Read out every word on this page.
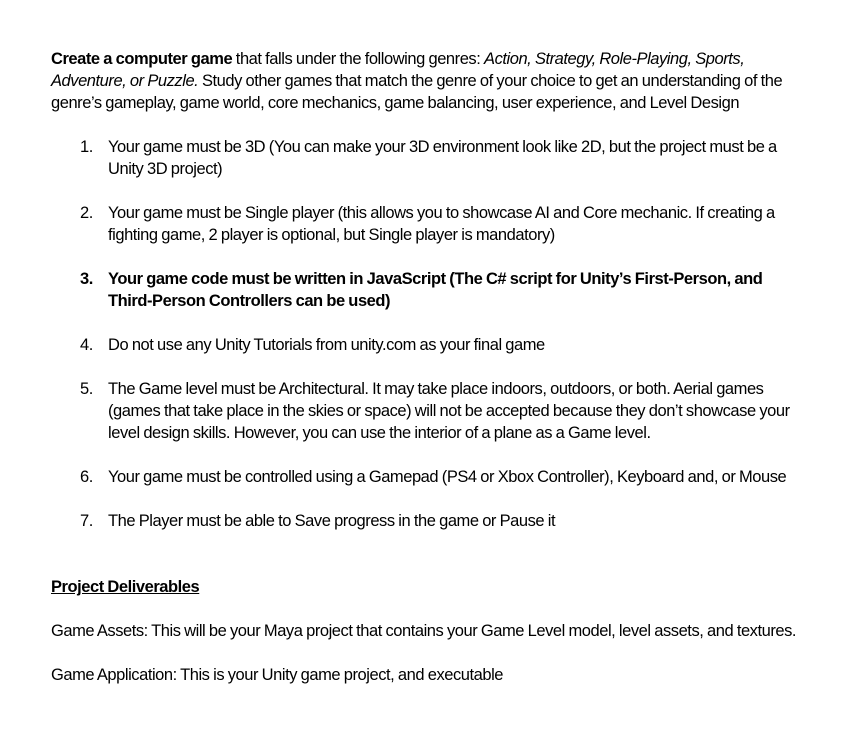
Create a computer game that falls under the following genres: Action, Strategy, Role-Playing, Sports, Adventure, or Puzzle. Study other games that match the genre of your choice to get an understanding of the genre’s gameplay, game world, core mechanics, game balancing, user experience, and Level Design

1. Your game must be 3D (You can make your 3D environment look like 2D, but the project must be a Unity 3D project)
2. Your game must be Single player (this allows you to showcase AI and Core mechanic. If creating a fighting game, 2 player is optional, but Single player is mandatory)
3. Your game code must be written in JavaScript (The C# script for Unity’s First-Person, and Third-Person Controllers can be used)
4. Do not use any Unity Tutorials from unity.com as your final game
5. The Game level must be Architectural. It may take place indoors, outdoors, or both. Aerial games (games that take place in the skies or space) will not be accepted because they don’t showcase your level design skills. However, you can use the interior of a plane as a Game level.
6. Your game must be controlled using a Gamepad (PS4 or Xbox Controller), Keyboard and, or Mouse
7. The Player must be able to Save progress in the game or Pause it

Project Deliverables

Game Assets: This will be your Maya project that contains your Game Level model, level assets, and textures.

Game Application: This is your Unity game project, and executable
